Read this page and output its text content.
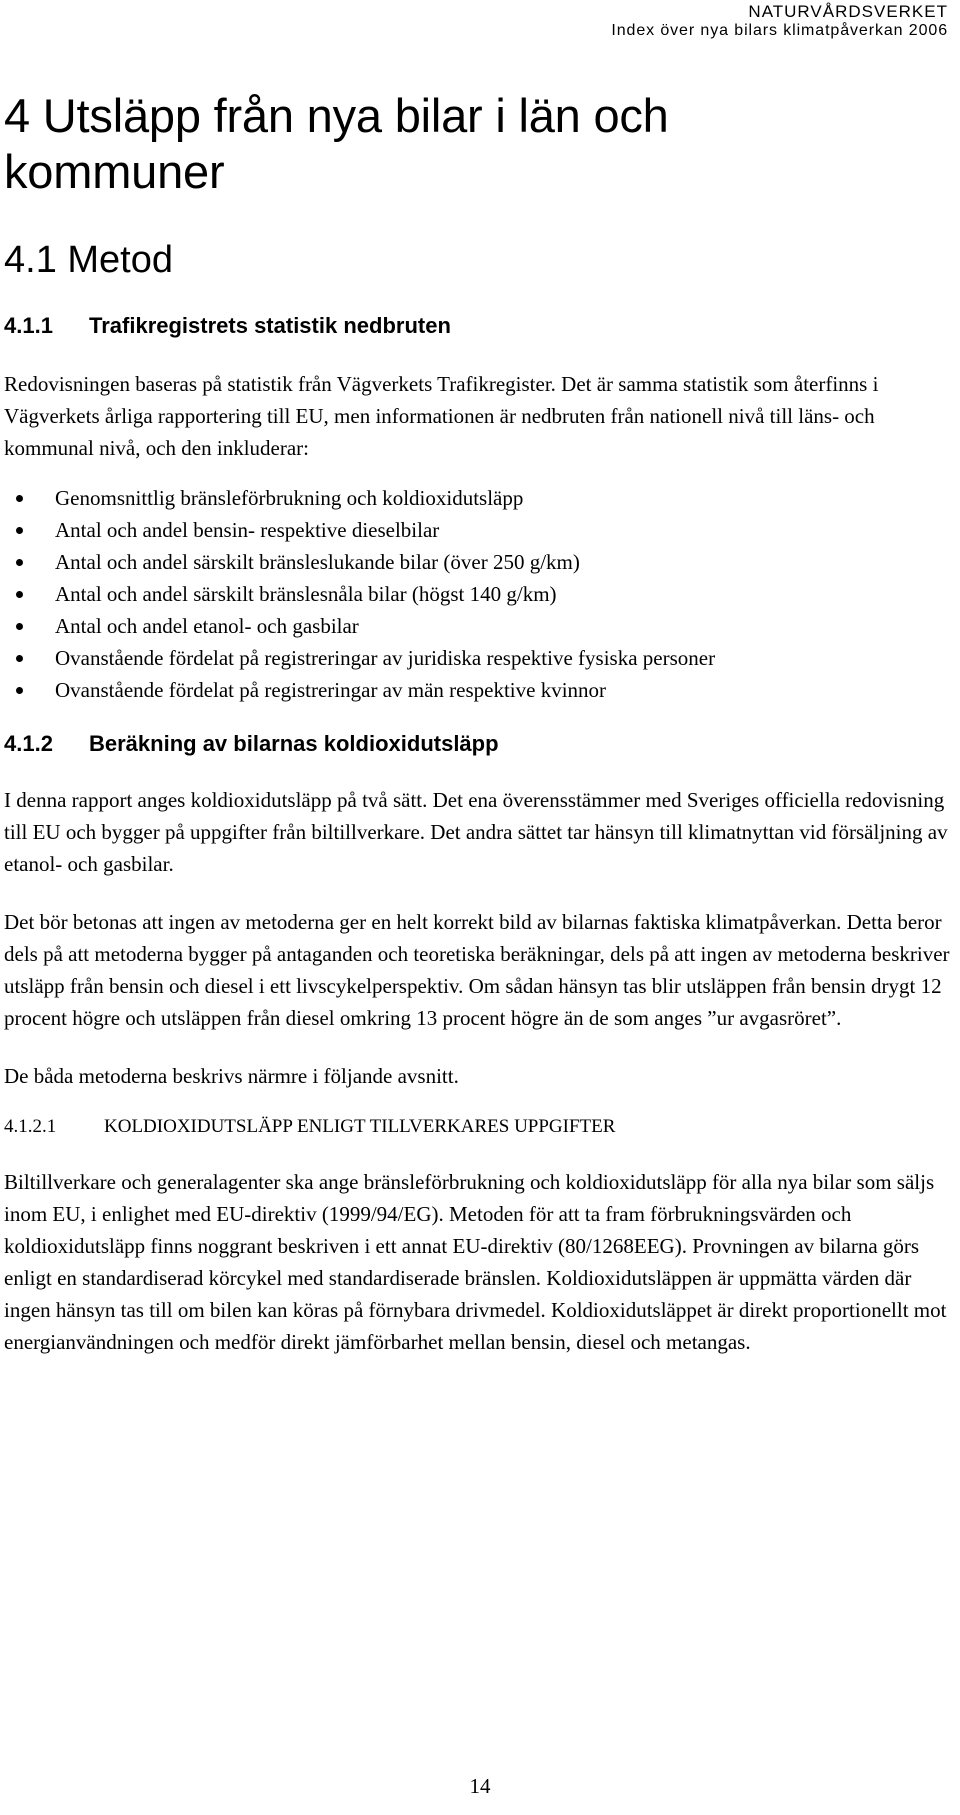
NATURVÅRDSVERKET
Index över nya bilars klimatpåverkan 2006
4 Utsläpp från nya bilar i län och
kommuner
4.1 Metod
4.1.1 Trafikregistrets statistik nedbruten

Redovisningen baseras på statistik från Vägverkets Trafikregister. Det är samma statistik som återfinns i Vägverkets årliga rapportering till EU, men informationen är nedbruten från nationell nivå till läns- och kommunal nivå, och den inkluderar:

Genomsnittlig bränsleförbrukning och koldioxidutsläpp
Antal och andel bensin- respektive dieselbilar
Antal och andel särskilt bränsleslukande bilar (över 250 g/km)
Antal och andel särskilt bränslesnåla bilar (högst 140 g/km)
Antal och andel etanol- och gasbilar
Ovanstående fördelat på registreringar av juridiska respektive fysiska personer
Ovanstående fördelat på registreringar av män respektive kvinnor
4.1.2 Beräkning av bilarnas koldioxidutsläpp

I denna rapport anges koldioxidutsläpp på två sätt. Det ena överensstämmer med Sveriges officiella redovisning till EU och bygger på uppgifter från biltillverkare. Det andra sättet tar hänsyn till klimatnyttan vid försäljning av etanol- och gasbilar.

Det bör betonas att ingen av metoderna ger en helt korrekt bild av bilarnas faktiska klimatpåverkan. Detta beror dels på att metoderna bygger på antaganden och teoretiska beräkningar, dels på att ingen av metoderna beskriver utsläpp från bensin och diesel i ett livscykelperspektiv. Om sådan hänsyn tas blir utsläppen från bensin drygt 12 procent högre och utsläppen från diesel omkring 13 procent högre än de som anges ”ur avgasröret”.

De båda metoderna beskrivs närmre i följande avsnitt.

4.1.2.1	KOLDIOXIDUTSLÄPP ENLIGT TILLVERKARES UPPGIFTER

Biltillverkare och generalagenter ska ange bränsleförbrukning och koldioxidutsläpp för alla nya bilar som säljs inom EU, i enlighet med EU-direktiv (1999/94/EG). Metoden för att ta fram förbrukningsvärden och koldioxidutsläpp finns noggrant beskriven i ett annat EU-direktiv (80/1268EEG). Provningen av bilarna görs enligt en standardiserad körcykel med standardiserade bränslen. Koldioxidutsläppen är uppmätta värden där ingen hänsyn tas till om bilen kan köras på förnybara drivmedel. Koldioxidutsläppet är direkt proportionellt mot energianvändningen och medför direkt jämförbarhet mellan bensin, diesel och metangas.

14
